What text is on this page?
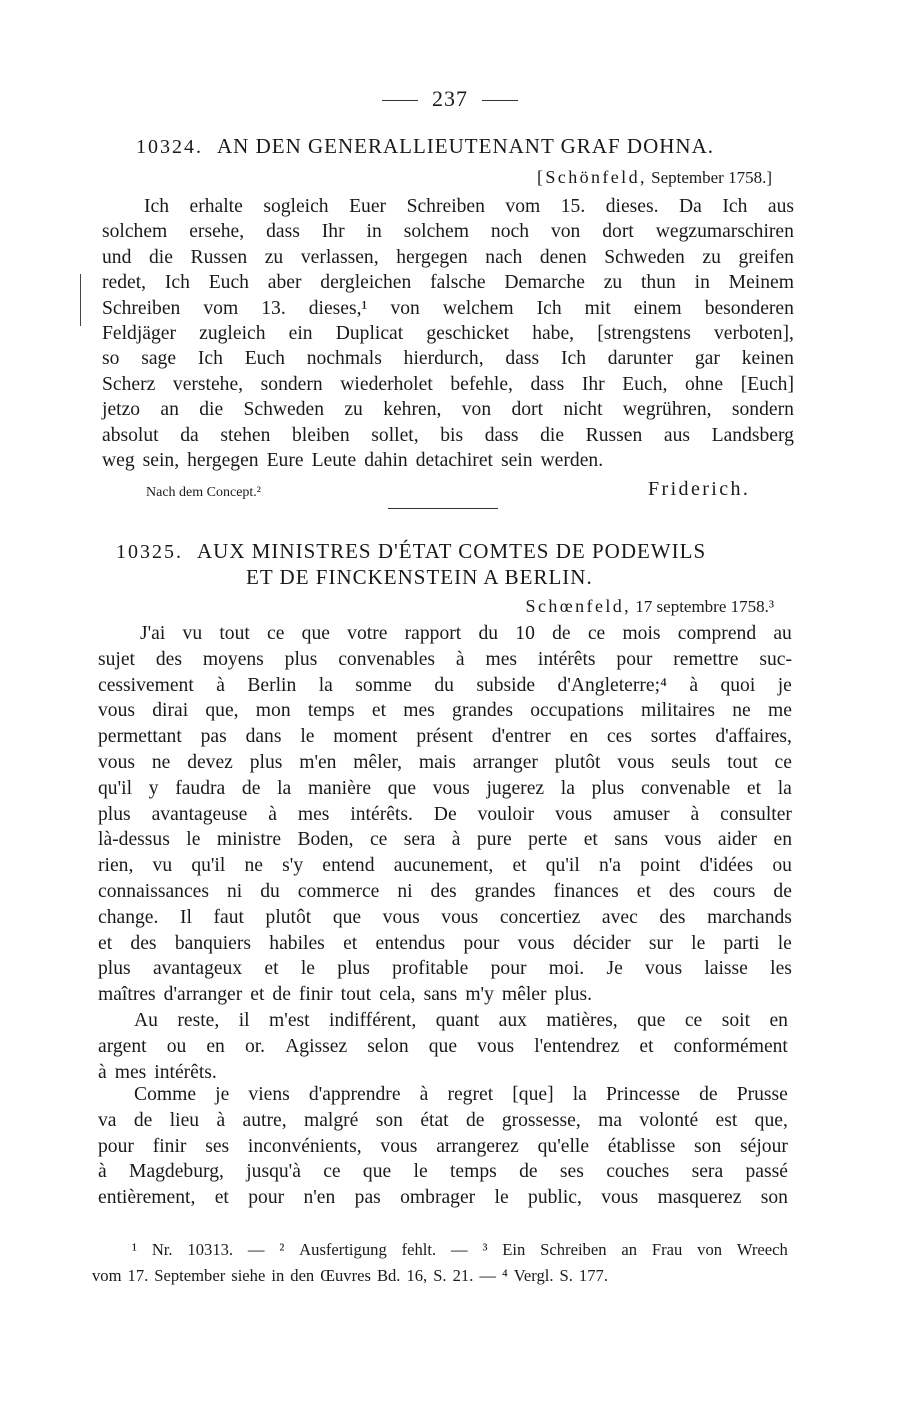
237
10324. AN DEN GENERALLIEUTENANT GRAF DOHNA.
[Schönfeld, September 1758.]
Ich erhalte sogleich Euer Schreiben vom 15. dieses. Da Ich aus
solchem ersehe, dass Ihr in solchem noch von dort wegzumarschiren
und die Russen zu verlassen, hergegen nach denen Schweden zu greifen
redet, Ich Euch aber dergleichen falsche Demarche zu thun in Meinem
Schreiben vom 13. dieses,¹ von welchem Ich mit einem besonderen
Feldjäger zugleich ein Duplicat geschicket habe, [strengstens verboten],
so sage Ich Euch nochmals hierdurch, dass Ich darunter gar keinen
Scherz verstehe, sondern wiederholet befehle, dass Ihr Euch, ohne [Euch]
jetzo an die Schweden zu kehren, von dort nicht wegrühren, sondern
absolut da stehen bleiben sollet, bis dass die Russen aus Landsberg
weg sein, hergegen Eure Leute dahin detachiret sein werden.
Nach dem Concept.²	Friderich.
10325. AUX MINISTRES D'ÉTAT COMTES DE PODEWILS
ET DE FINCKENSTEIN A BERLIN.
Schœnfeld, 17 septembre 1758.³
J'ai vu tout ce que votre rapport du 10 de ce mois comprend au
sujet des moyens plus convenables à mes intérêts pour remettre suc-
cessivement à Berlin la somme du subside d'Angleterre;⁴ à quoi je
vous dirai que, mon temps et mes grandes occupations militaires ne me
permettant pas dans le moment présent d'entrer en ces sortes d'affaires,
vous ne devez plus m'en mêler, mais arranger plutôt vous seuls tout ce
qu'il y faudra de la manière que vous jugerez la plus convenable et la
plus avantageuse à mes intérêts. De vouloir vous amuser à consulter
là-dessus le ministre Boden, ce sera à pure perte et sans vous aider en
rien, vu qu'il ne s'y entend aucunement, et qu'il n'a point d'idées ou
connaissances ni du commerce ni des grandes finances et des cours de
change. Il faut plutôt que vous vous concertiez avec des marchands
et des banquiers habiles et entendus pour vous décider sur le parti le
plus avantageux et le plus profitable pour moi. Je vous laisse les
maîtres d'arranger et de finir tout cela, sans m'y mêler plus.
Au reste, il m'est indifférent, quant aux matières, que ce soit en
argent ou en or. Agissez selon que vous l'entendrez et conformément
à mes intérêts.
Comme je viens d'apprendre à regret [que] la Princesse de Prusse
va de lieu à autre, malgré son état de grossesse, ma volonté est que,
pour finir ses inconvénients, vous arrangerez qu'elle établisse son séjour
à Magdeburg, jusqu'à ce que le temps de ses couches sera passé
entièrement, et pour n'en pas ombrager le public, vous masquerez son
¹ Nr. 10313. — ² Ausfertigung fehlt. — ³ Ein Schreiben an Frau von Wreech
vom 17. September siehe in den Œuvres Bd. 16, S. 21. — ⁴ Vergl. S. 177.
